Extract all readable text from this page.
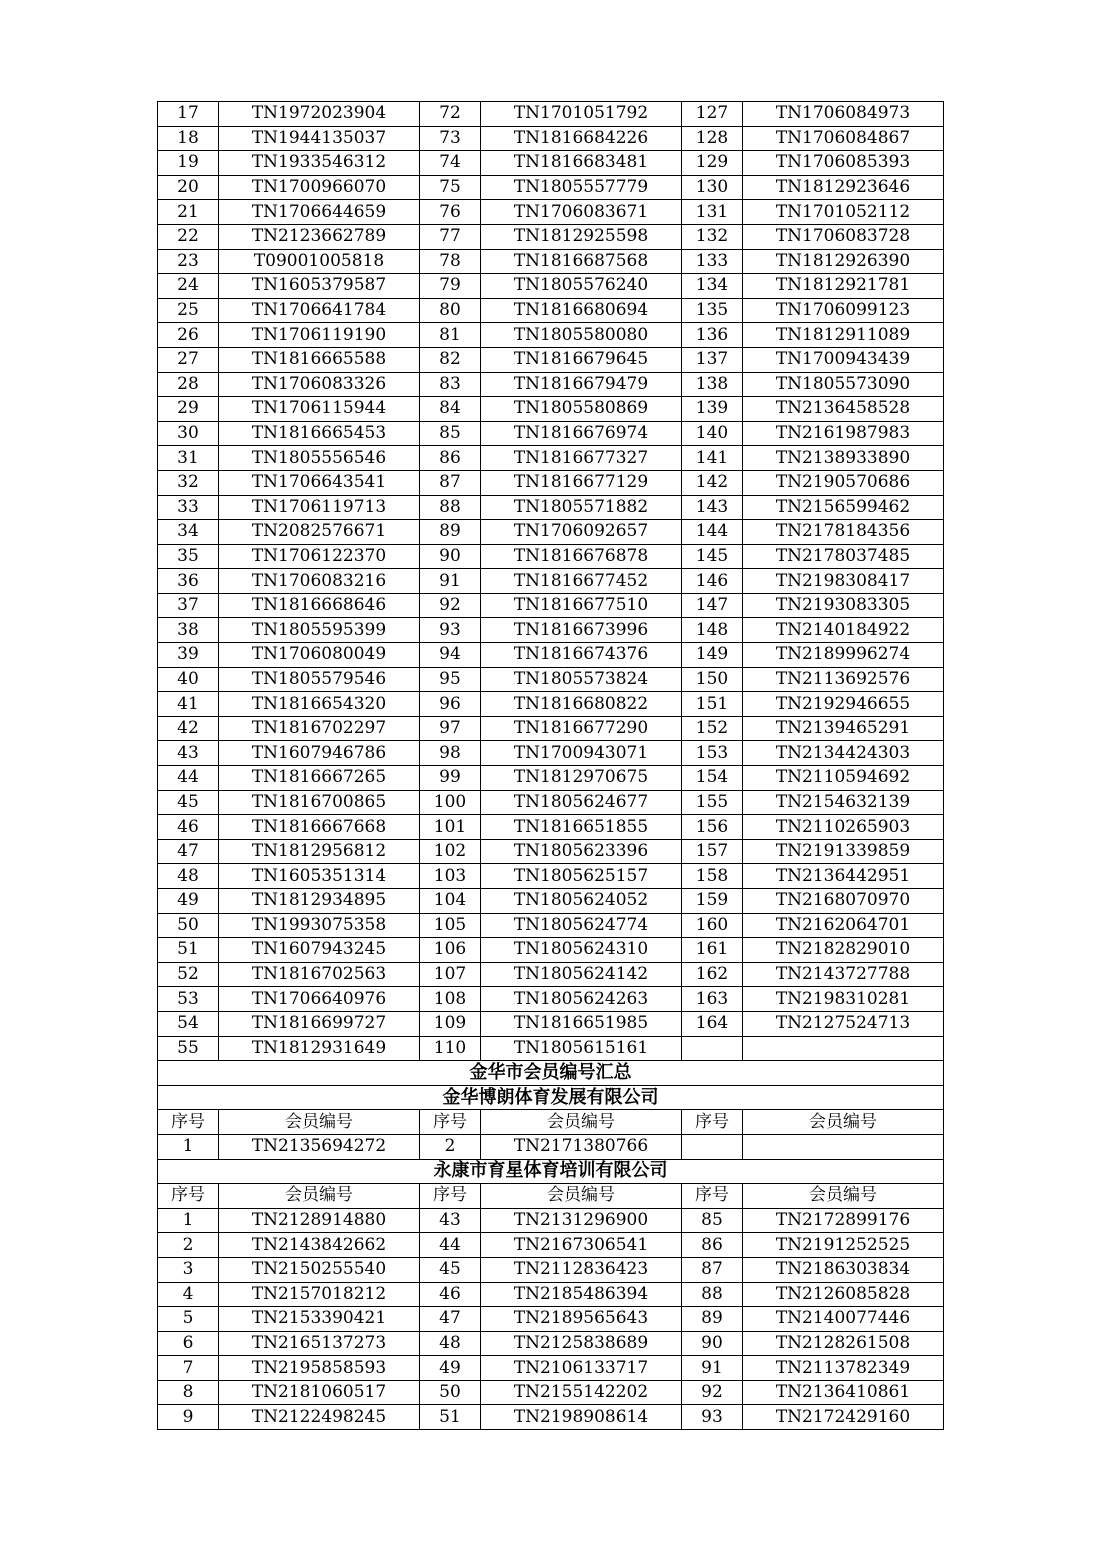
17	TN1972023904	72	TN1701051792	127	TN1706084973
18	TN1944135037	73	TN1816684226	128	TN1706084867
19	TN1933546312	74	TN1816683481	129	TN1706085393
20	TN1700966070	75	TN1805557779	130	TN1812923646
21	TN1706644659	76	TN1706083671	131	TN1701052112
22	TN2123662789	77	TN1812925598	132	TN1706083728
23	T09001005818	78	TN1816687568	133	TN1812926390
24	TN1605379587	79	TN1805576240	134	TN1812921781
25	TN1706641784	80	TN1816680694	135	TN1706099123
26	TN1706119190	81	TN1805580080	136	TN1812911089
27	TN1816665588	82	TN1816679645	137	TN1700943439
28	TN1706083326	83	TN1816679479	138	TN1805573090
29	TN1706115944	84	TN1805580869	139	TN2136458528
30	TN1816665453	85	TN1816676974	140	TN2161987983
31	TN1805556546	86	TN1816677327	141	TN2138933890
32	TN1706643541	87	TN1816677129	142	TN2190570686
33	TN1706119713	88	TN1805571882	143	TN2156599462
34	TN2082576671	89	TN1706092657	144	TN2178184356
35	TN1706122370	90	TN1816676878	145	TN2178037485
36	TN1706083216	91	TN1816677452	146	TN2198308417
37	TN1816668646	92	TN1816677510	147	TN2193083305
38	TN1805595399	93	TN1816673996	148	TN2140184922
39	TN1706080049	94	TN1816674376	149	TN2189996274
40	TN1805579546	95	TN1805573824	150	TN2113692576
41	TN1816654320	96	TN1816680822	151	TN2192946655
42	TN1816702297	97	TN1816677290	152	TN2139465291
43	TN1607946786	98	TN1700943071	153	TN2134424303
44	TN1816667265	99	TN1812970675	154	TN2110594692
45	TN1816700865	100	TN1805624677	155	TN2154632139
46	TN1816667668	101	TN1816651855	156	TN2110265903
47	TN1812956812	102	TN1805623396	157	TN2191339859
48	TN1605351314	103	TN1805625157	158	TN2136442951
49	TN1812934895	104	TN1805624052	159	TN2168070970
50	TN1993075358	105	TN1805624774	160	TN2162064701
51	TN1607943245	106	TN1805624310	161	TN2182829010
52	TN1816702563	107	TN1805624142	162	TN2143727788
53	TN1706640976	108	TN1805624263	163	TN2198310281
54	TN1816699727	109	TN1816651985	164	TN2127524713
55	TN1812931649	110	TN1805615161		
金华市会员编号汇总					
金华博朗体育发展有限公司					
序号	会员编号	序号	会员编号	序号	会员编号
1	TN2135694272	2	TN2171380766		
永康市育星体育培训有限公司					
序号	会员编号	序号	会员编号	序号	会员编号
1	TN2128914880	43	TN2131296900	85	TN2172899176
2	TN2143842662	44	TN2167306541	86	TN2191252525
3	TN2150255540	45	TN2112836423	87	TN2186303834
4	TN2157018212	46	TN2185486394	88	TN2126085828
5	TN2153390421	47	TN2189565643	89	TN2140077446
6	TN2165137273	48	TN2125838689	90	TN2128261508
7	TN2195858593	49	TN2106133717	91	TN2113782349
8	TN2181060517	50	TN2155142202	92	TN2136410861
9	TN2122498245	51	TN2198908614	93	TN2172429160
